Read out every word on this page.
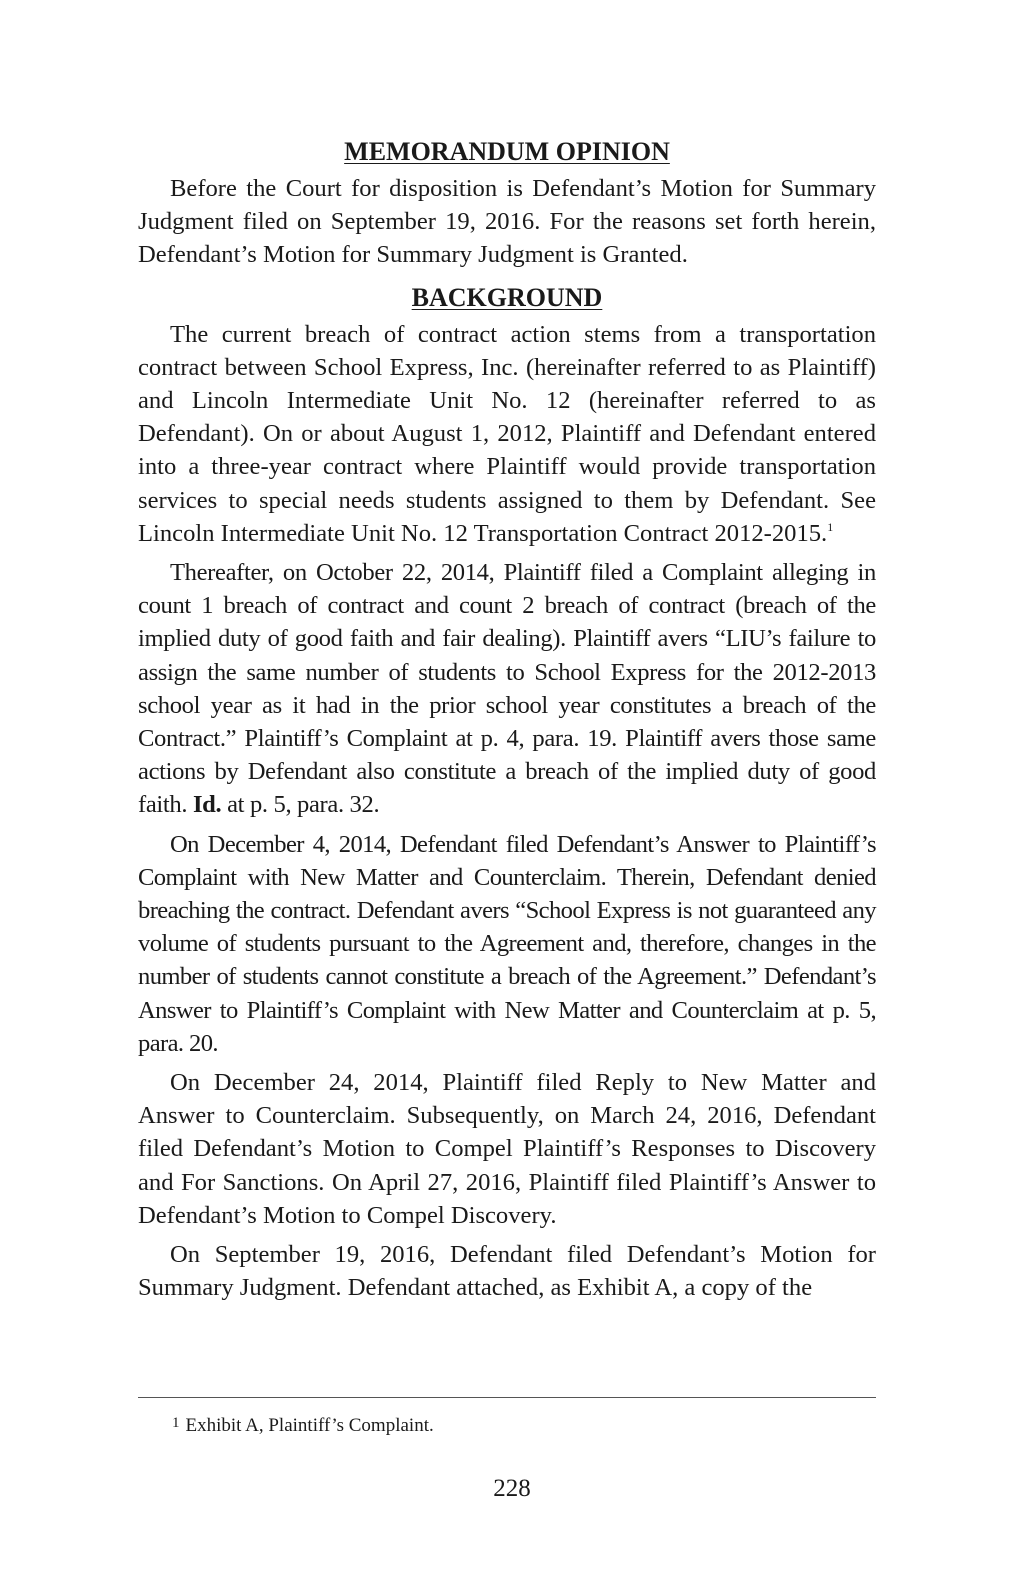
MEMORANDUM OPINION

Before the Court for disposition is Defendant’s Motion for Summary Judgment filed on September 19, 2016. For the reasons set forth herein, Defendant’s Motion for Summary Judgment is Granted.

BACKGROUND

The current breach of contract action stems from a transportation contract between School Express, Inc. (hereinafter referred to as Plaintiff) and Lincoln Intermediate Unit No. 12 (hereinafter referred to as Defendant). On or about August 1, 2012, Plaintiff and Defendant entered into a three-year contract where Plaintiff would provide transportation services to special needs students assigned to them by Defendant. See Lincoln Intermediate Unit No. 12 Transportation Contract 2012-2015.$^1$

Thereafter, on October 22, 2014, Plaintiff filed a Complaint alleging in count 1 breach of contract and count 2 breach of contract (breach of the implied duty of good faith and fair dealing). Plaintiff avers “LIU’s failure to assign the same number of students to School Express for the 2012-2013 school year as it had in the prior school year constitutes a breach of the Contract.” Plaintiff’s Complaint at p. 4, para. 19. Plaintiff avers those same actions by Defendant also constitute a breach of the implied duty of good faith. Id. at p. 5, para. 32.

On December 4, 2014, Defendant filed Defendant’s Answer to Plaintiff’s Complaint with New Matter and Counterclaim. Therein, Defendant denied breaching the contract. Defendant avers “School Express is not guaranteed any volume of students pursuant to the Agreement and, therefore, changes in the number of students cannot constitute a breach of the Agreement.” Defendant’s Answer to Plaintiff’s Complaint with New Matter and Counterclaim at p. 5, para. 20.

On December 24, 2014, Plaintiff filed Reply to New Matter and Answer to Counterclaim. Subsequently, on March 24, 2016, Defendant filed Defendant’s Motion to Compel Plaintiff’s Responses to Discovery and For Sanctions. On April 27, 2016, Plaintiff filed Plaintiff’s Answer to Defendant’s Motion to Compel Discovery.

On September 19, 2016, Defendant filed Defendant’s Motion for Summary Judgment. Defendant attached, as Exhibit A, a copy of the

$^1$ Exhibit A, Plaintiff’s Complaint.
228
